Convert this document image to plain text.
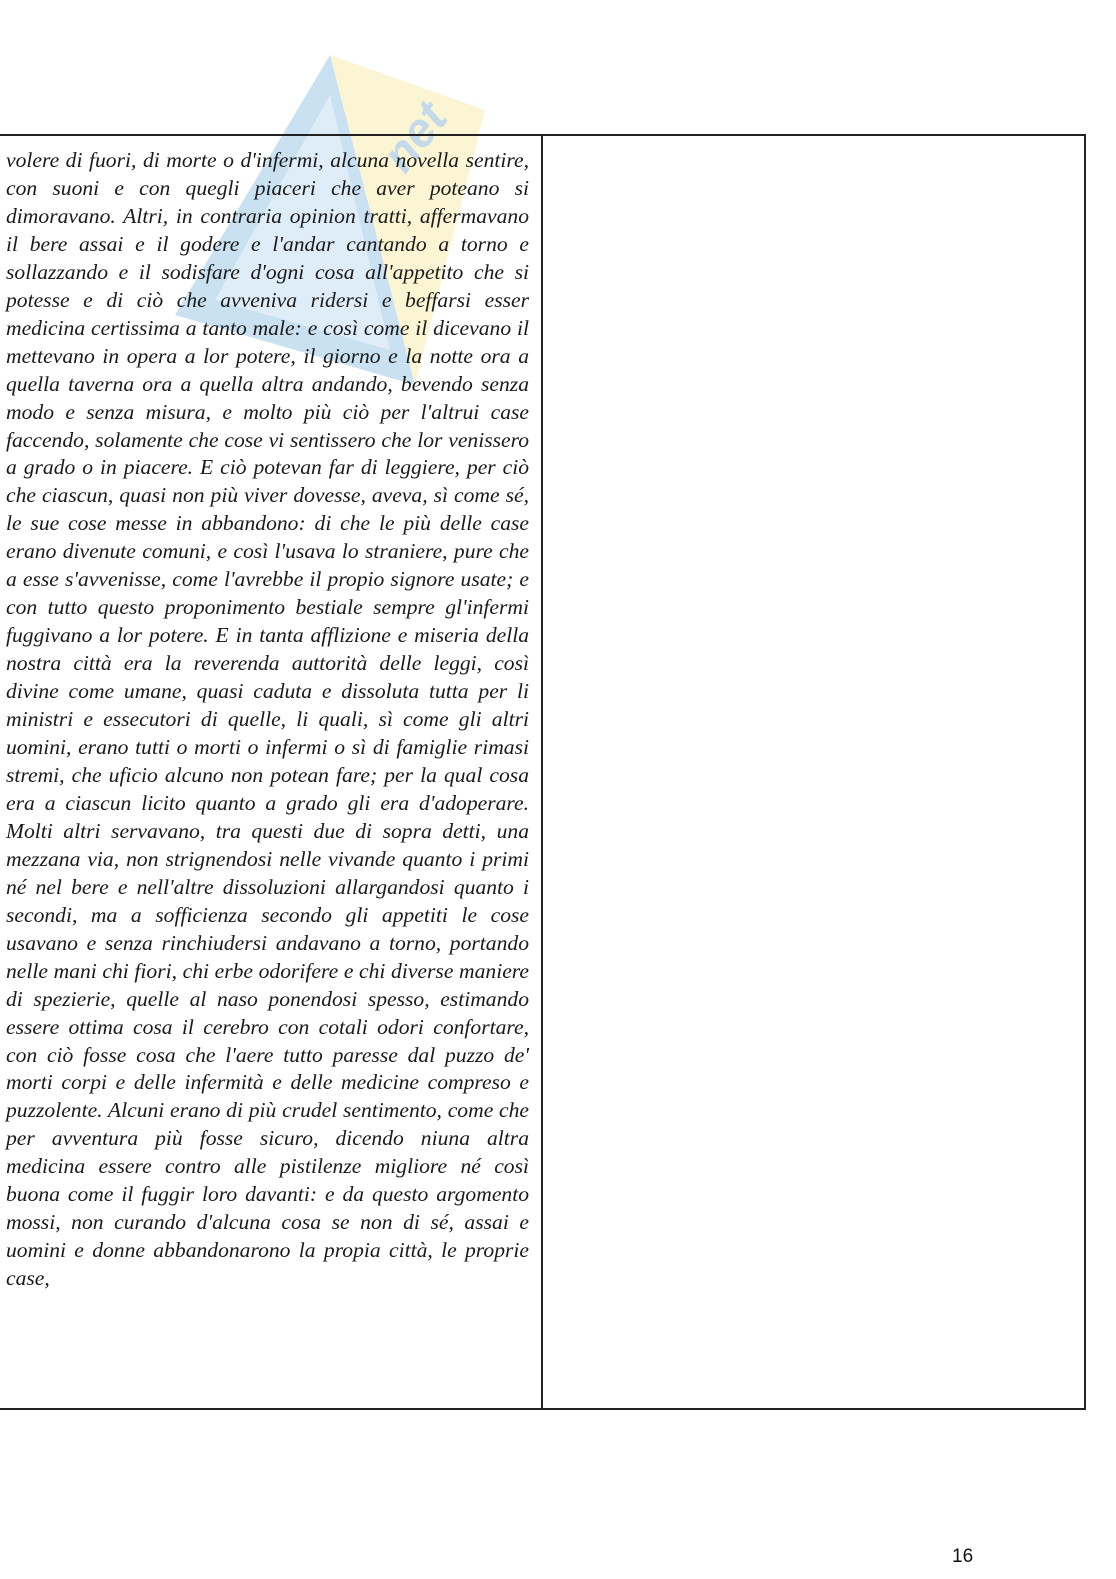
net

volere di fuori, di morte o d'infermi, alcuna novella sentire, con suoni e con quegli piaceri che aver poteano si dimoravano. Altri, in contraria opinion tratti, affermavano il bere assai e il godere e l'andar cantando a torno e sollazzando e il sodisfare d'ogni cosa all'appetito che si potesse e di ciò che avveniva ridersi e beffarsi esser medicina certissima a tanto male: e così come il dicevano il mettevano in opera a lor potere, il giorno e la notte ora a quella taverna ora a quella altra andando, bevendo senza modo e senza misura, e molto più ciò per l'altrui case faccendo, solamente che cose vi sentissero che lor venissero a grado o in piacere. E ciò potevan far di leggiere, per ciò che ciascun, quasi non più viver dovesse, aveva, sì come sé, le sue cose messe in abbandono: di che le più delle case erano divenute comuni, e così l'usava lo straniere, pure che a esse s'avvenisse, come l'avrebbe il propio signore usate; e con tutto questo proponimento bestiale sempre gl'infermi fuggivano a lor potere. E in tanta afflizione e miseria della nostra città era la reverenda auttorità delle leggi, così divine come umane, quasi caduta e dissoluta tutta per li ministri e essecutori di quelle, li quali, sì come gli altri uomini, erano tutti o morti o infermi o sì di famiglie rimasi stremi, che uficio alcuno non potean fare; per la qual cosa era a ciascun licito quanto a grado gli era d'adoperare. Molti altri servavano, tra questi due di sopra detti, una mezzana via, non strignendosi nelle vivande quanto i primi né nel bere e nell'altre dissoluzioni allargandosi quanto i secondi, ma a sofficienza secondo gli appetiti le cose usavano e senza rinchiudersi andavano a torno, portando nelle mani chi fiori, chi erbe odorifere e chi diverse maniere di spezierie, quelle al naso ponendosi spesso, estimando essere ottima cosa il cerebro con cotali odori confortare, con ciò fosse cosa che l'aere tutto paresse dal puzzo de' morti corpi e delle infermità e delle medicine compreso e puzzolente. Alcuni erano di più crudel sentimento, come che per avventura più fosse sicuro, dicendo niuna altra medicina essere contro alle pistilenze migliore né così buona come il fuggir loro davanti: e da questo argomento mossi, non curando d'alcuna cosa se non di sé, assai e uomini e donne abbandonarono la propia città, le proprie case,

16
